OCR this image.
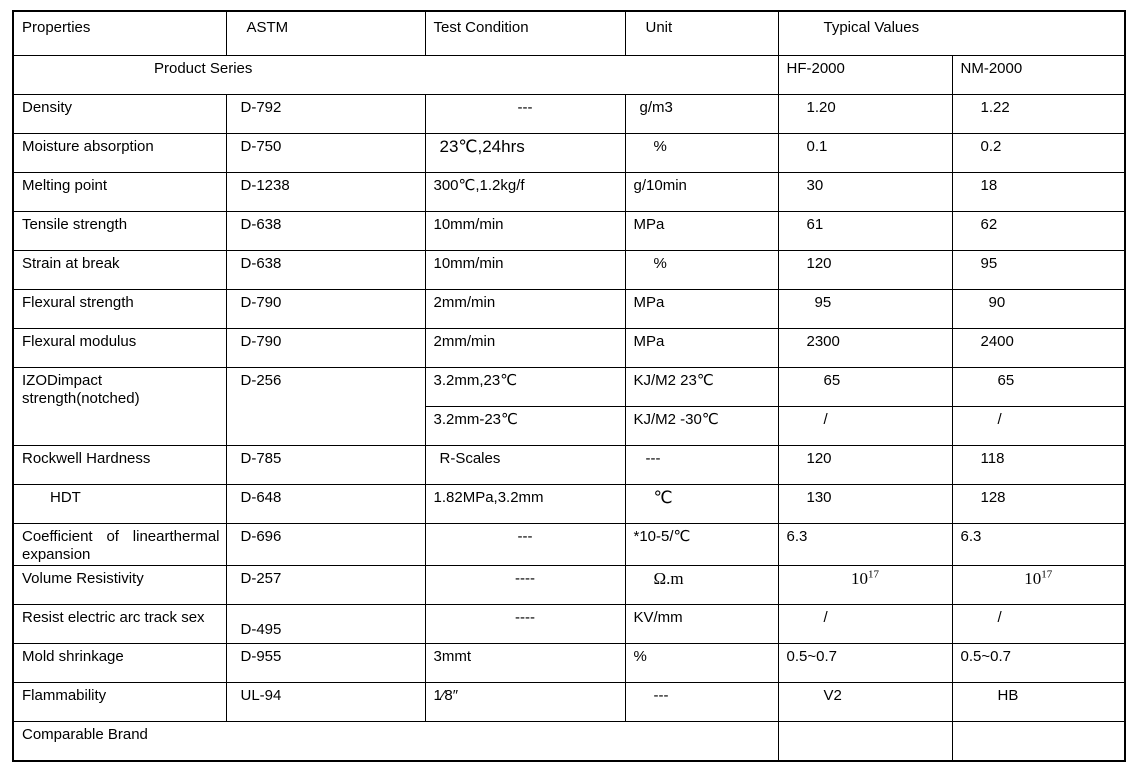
Properties	ASTM	Test Condition	Unit	Typical Values	
Product Series				HF-2000	NM-2000
Density	D-792	---	g/m3	1.20	1.22
Moisture absorption	D-750	23℃,24hrs	%	0.1	0.2
Melting point	D-1238	300℃,1.2kg/f	g/10min	30	18
Tensile strength	D-638	10mm/min	MPa	61	62
Strain at break	D-638	10mm/min	%	120	95
Flexural strength	D-790	2mm/min	MPa	95	90
Flexural modulus	D-790	2mm/min	MPa	2300	2400
IZODimpact strength(notched)	D-256	3.2mm,23℃	KJ/M2 23℃	65	65
		3.2mm-23℃	KJ/M2 -30℃	/	/
Rockwell Hardness	D-785	R-Scales	---	120	118
HDT	D-648	1.82MPa,3.2mm	℃	130	128
Coefficient of linearthermal expansion	D-696	---	*10-5/℃	6.3	6.3
Volume Resistivity	D-257	----	Ω.m	$10^{17}$	$10^{17}$
Resist electric arc track sex	D-495	----	KV/mm	/	/
Mold shrinkage	D-955	3mmt	%	0.5~0.7	0.5~0.7
Flammability	UL-94	1⁄8″	---	V2	HB
Comparable Brand					
